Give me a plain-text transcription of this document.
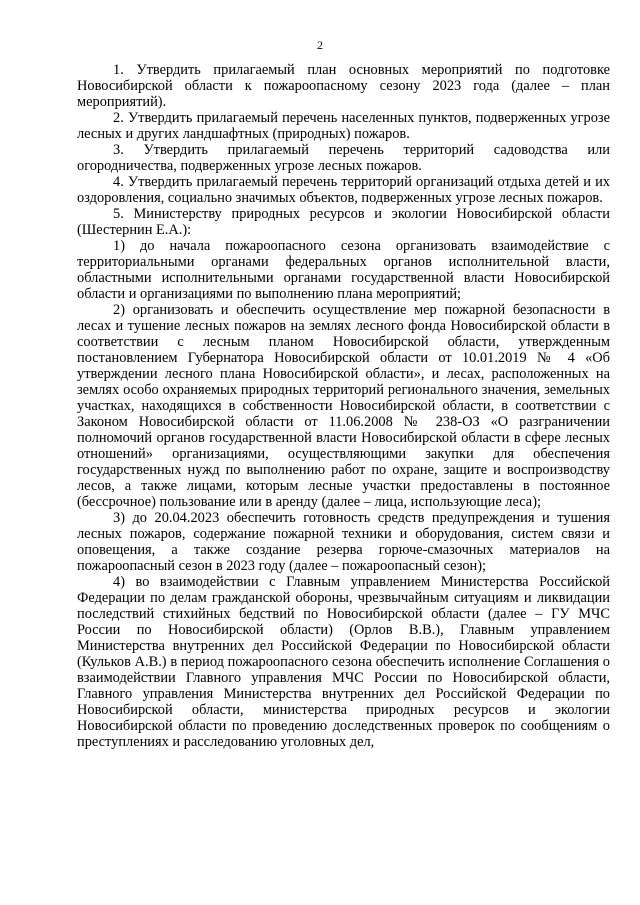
2

1. Утвердить прилагаемый план основных мероприятий по подготовке Новосибирской области к пожароопасному сезону 2023 года (далее – план мероприятий).

2. Утвердить прилагаемый перечень населенных пунктов, подверженных угрозе лесных и других ландшафтных (природных) пожаров.

3. Утвердить прилагаемый перечень территорий садоводства или огородничества, подверженных угрозе лесных пожаров.

4. Утвердить прилагаемый перечень территорий организаций отдыха детей и их оздоровления, социально значимых объектов, подверженных угрозе лесных пожаров.

5. Министерству природных ресурсов и экологии Новосибирской области (Шестернин Е.А.):

1) до начала пожароопасного сезона организовать взаимодействие с территориальными органами федеральных органов исполнительной власти, областными исполнительными органами государственной власти Новосибирской области и организациями по выполнению плана мероприятий;

2) организовать и обеспечить осуществление мер пожарной безопасности в лесах и тушение лесных пожаров на землях лесного фонда Новосибирской области в соответствии с лесным планом Новосибирской области, утвержденным постановлением Губернатора Новосибирской области от 10.01.2019 № 4 «Об утверждении лесного плана Новосибирской области», и лесах, расположенных на землях особо охраняемых природных территорий регионального значения, земельных участках, находящихся в собственности Новосибирской области, в соответствии с Законом Новосибирской области от 11.06.2008 № 238-ОЗ «О разграничении полномочий органов государственной власти Новосибирской области в сфере лесных отношений» организациями, осуществляющими закупки для обеспечения государственных нужд по выполнению работ по охране, защите и воспроизводству лесов, а также лицами, которым лесные участки предоставлены в постоянное (бессрочное) пользование или в аренду (далее – лица, использующие леса);

3) до 20.04.2023 обеспечить готовность средств предупреждения и тушения лесных пожаров, содержание пожарной техники и оборудования, систем связи и оповещения, а также создание резерва горюче-смазочных материалов на пожароопасный сезон в 2023 году (далее – пожароопасный сезон);

4) во взаимодействии с Главным управлением Министерства Российской Федерации по делам гражданской обороны, чрезвычайным ситуациям и ликвидации последствий стихийных бедствий по Новосибирской области (далее – ГУ МЧС России по Новосибирской области) (Орлов В.В.), Главным управлением Министерства внутренних дел Российской Федерации по Новосибирской области (Кульков А.В.) в период пожароопасного сезона обеспечить исполнение Соглашения о взаимодействии Главного управления МЧС России по Новосибирской области, Главного управления Министерства внутренних дел Российской Федерации по Новосибирской области, министерства природных ресурсов и экологии Новосибирской области по проведению доследственных проверок по сообщениям о преступлениях и расследованию уголовных дел,
